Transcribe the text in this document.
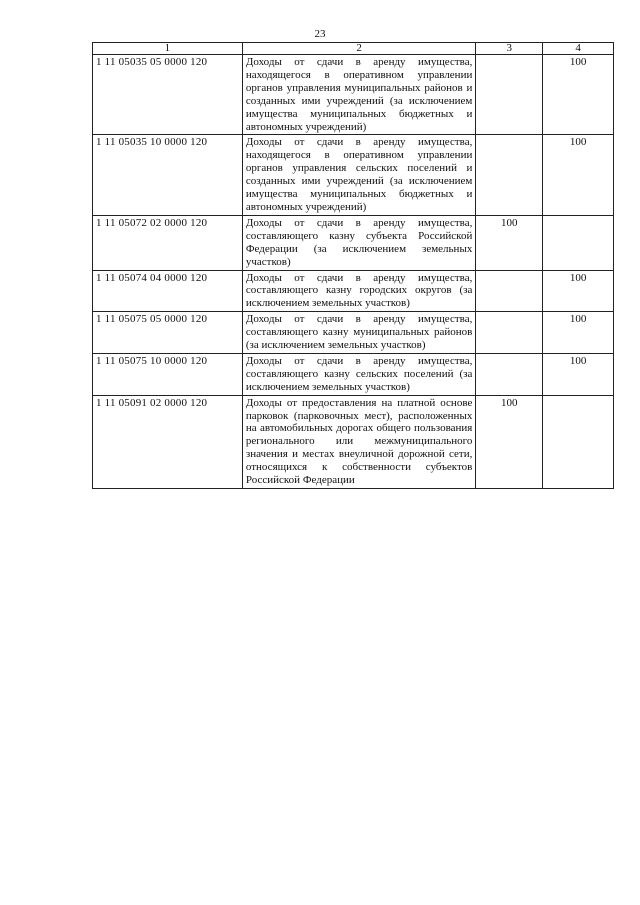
23
1	2	3	4
1 11 05035 05 0000 120	Доходы от сдачи в аренду имущества, находящегося в оперативном управлении органов управления муниципальных районов и созданных ими учреждений (за исключением имущества муниципальных бюджетных и автономных учреждений)		100
1 11 05035 10 0000 120	Доходы от сдачи в аренду имущества, находящегося в оперативном управлении органов управления сельских поселений и созданных ими учреждений (за исключением имущества муниципальных бюджетных и автономных учреждений)		100
1 11 05072 02 0000 120	Доходы от сдачи в аренду имущества, составляющего казну субъекта Российской Федерации (за исключением земельных участков)	100	
1 11 05074 04 0000 120	Доходы от сдачи в аренду имущества, составляющего казну городских округов (за исключением земельных участков)		100
1 11 05075 05 0000 120	Доходы от сдачи в аренду имущества, составляющего казну муниципальных районов (за исключением земельных участков)		100
1 11 05075 10 0000 120	Доходы от сдачи в аренду имущества, составляющего казну сельских поселений (за исключением земельных участков)		100
1 11 05091 02 0000 120	Доходы от предоставления на платной основе парковок (парковочных мест), расположенных на автомобильных дорогах общего пользования регионального или межмуниципального значения и местах внеуличной дорожной сети, относящихся к собственности субъектов Российской Федерации	100	
